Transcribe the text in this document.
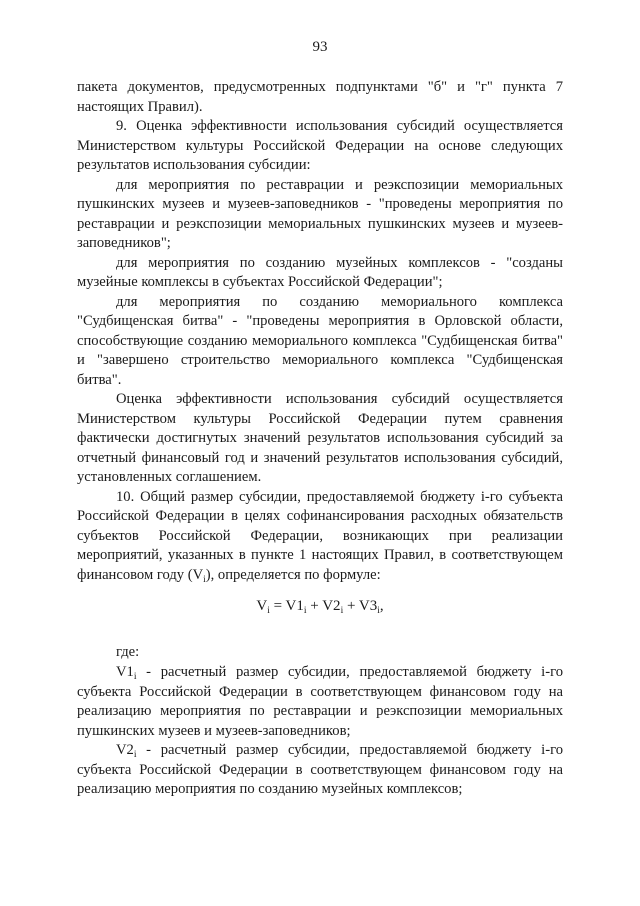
93

пакета документов, предусмотренных подпунктами "б" и "г" пункта 7 настоящих Правил).

9. Оценка эффективности использования субсидий осуществляется Министерством культуры Российской Федерации на основе следующих результатов использования субсидии:

для мероприятия по реставрации и реэкспозиции мемориальных пушкинских музеев и музеев-заповедников - "проведены мероприятия по реставрации и реэкспозиции мемориальных пушкинских музеев и музеев-заповедников";

для мероприятия по созданию музейных комплексов - "созданы музейные комплексы в субъектах Российской Федерации";

для мероприятия по созданию мемориального комплекса "Судбищенская битва" - "проведены мероприятия в Орловской области, способствующие созданию мемориального комплекса "Судбищенская битва" и "завершено строительство мемориального комплекса "Судбищенская битва".

Оценка эффективности использования субсидий осуществляется Министерством культуры Российской Федерации путем сравнения фактически достигнутых значений результатов использования субсидий за отчетный финансовый год и значений результатов использования субсидий, установленных соглашением.

10. Общий размер субсидии, предоставляемой бюджету i-го субъекта Российской Федерации в целях софинансирования расходных обязательств субъектов Российской Федерации, возникающих при реализации мероприятий, указанных в пункте 1 настоящих Правил, в соответствующем финансовом году $(V_i)$, определяется по формуле:

$V_i = V1_i + V2_i + V3_i$,
где:

$V1_i$ - расчетный размер субсидии, предоставляемой бюджету i-го субъекта Российской Федерации в соответствующем финансовом году на реализацию мероприятия по реставрации и реэкспозиции мемориальных пушкинских музеев и музеев-заповедников;

$V2_i$ - расчетный размер субсидии, предоставляемой бюджету i-го субъекта Российской Федерации в соответствующем финансовом году на реализацию мероприятия по созданию музейных комплексов;
